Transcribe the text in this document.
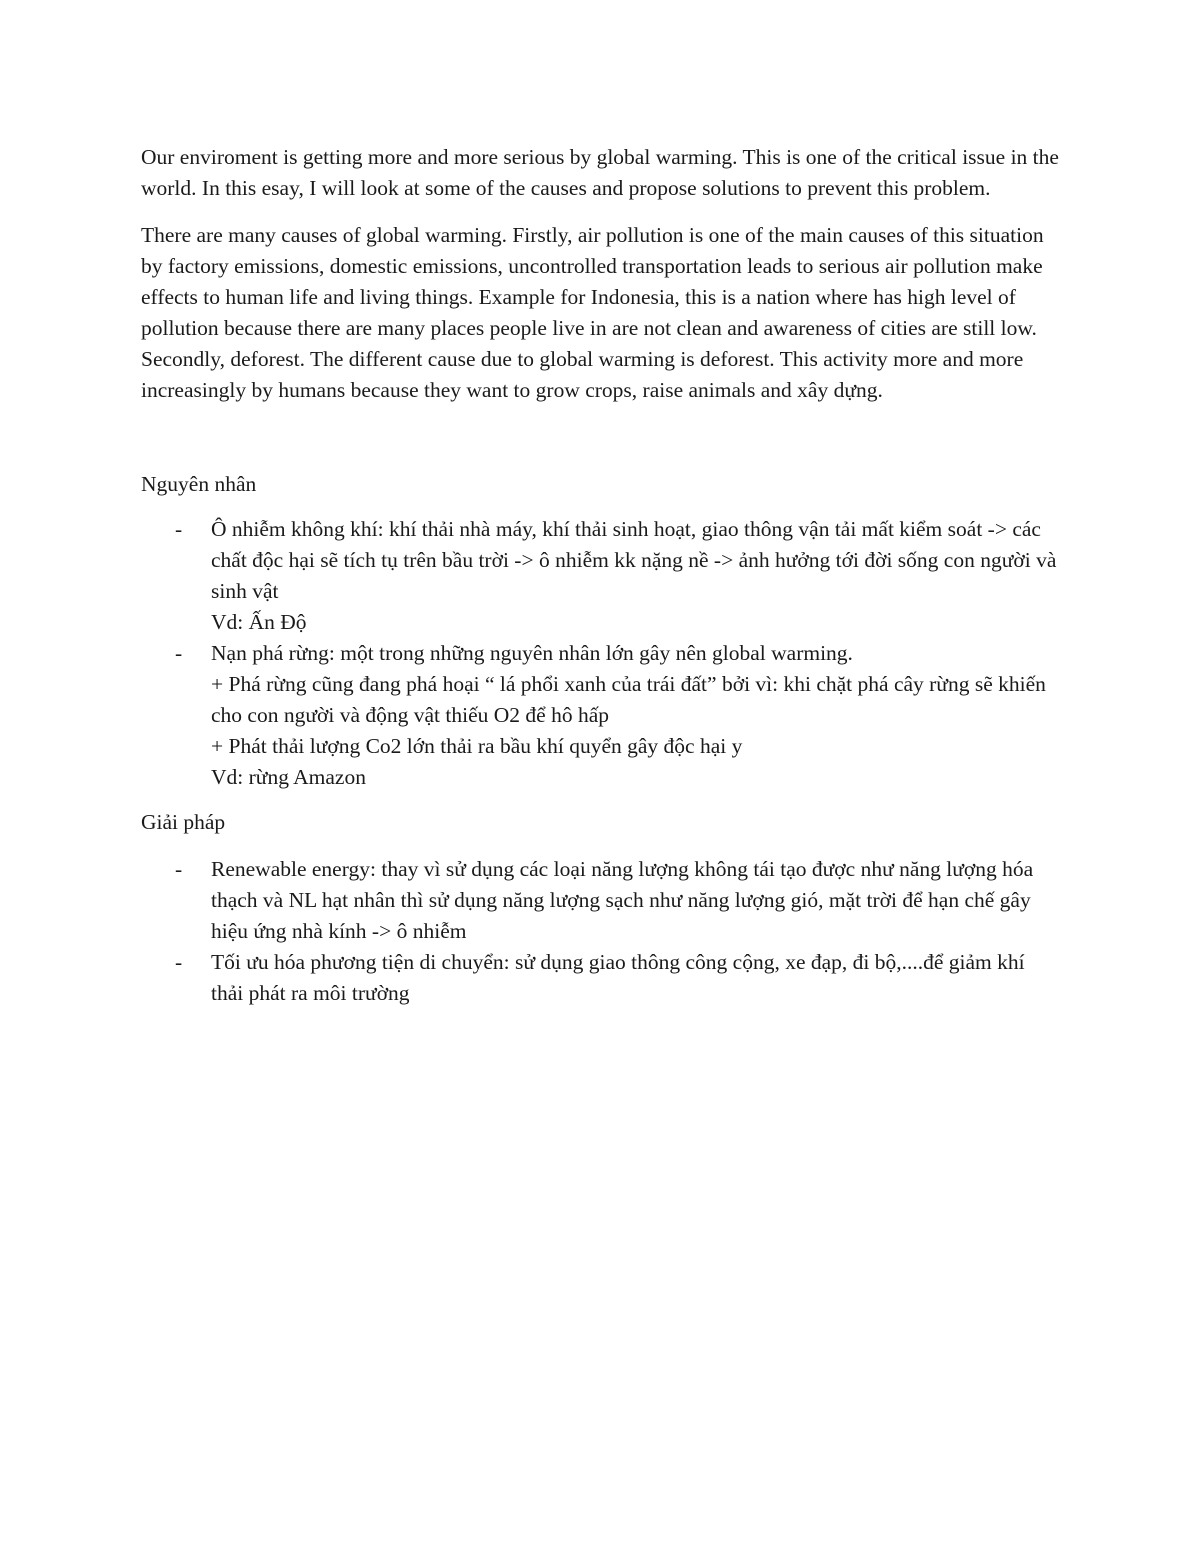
Our enviroment is getting more and more serious by global warming. This is one of the critical issue in the world. In this esay, I will look at some of the causes and propose solutions to prevent this problem.

There are many causes of global warming. Firstly, air pollution is one of the main causes of this situation by factory emissions, domestic emissions, uncontrolled transportation leads to serious air pollution make effects to human life and living things. Example for Indonesia, this is a nation where has high level of pollution because there are many places people live in are not clean and awareness of cities are still low. Secondly, deforest. The different cause due to global warming is deforest. This activity more and more increasingly by humans because they want to grow crops, raise animals and xây dựng.

Nguyên nhân

- Ô nhiễm không khí: khí thải nhà máy, khí thải sinh hoạt, giao thông vận tải mất kiểm soát -> các chất độc hại sẽ tích tụ trên bầu trời -> ô nhiễm kk nặng nề -> ảnh hưởng tới đời sống con người và sinh vật
Vd: Ấn Độ
- Nạn phá rừng: một trong những nguyên nhân lớn gây nên global warming.
+ Phá rừng cũng đang phá hoại “ lá phổi xanh của trái đất” bởi vì: khi chặt phá cây rừng sẽ khiến cho con người và động vật thiếu O2 để hô hấp
+ Phát thải lượng Co2 lớn thải ra bầu khí quyển gây độc hại y
Vd: rừng Amazon

Giải pháp

- Renewable energy: thay vì sử dụng các loại năng lượng không tái tạo được như năng lượng hóa thạch và NL hạt nhân thì sử dụng năng lượng sạch như năng lượng gió, mặt trời để hạn chế gây hiệu ứng nhà kính -> ô nhiễm
- Tối ưu hóa phương tiện di chuyển: sử dụng giao thông công cộng, xe đạp, đi bộ,....để giảm khí thải phát ra môi trường
